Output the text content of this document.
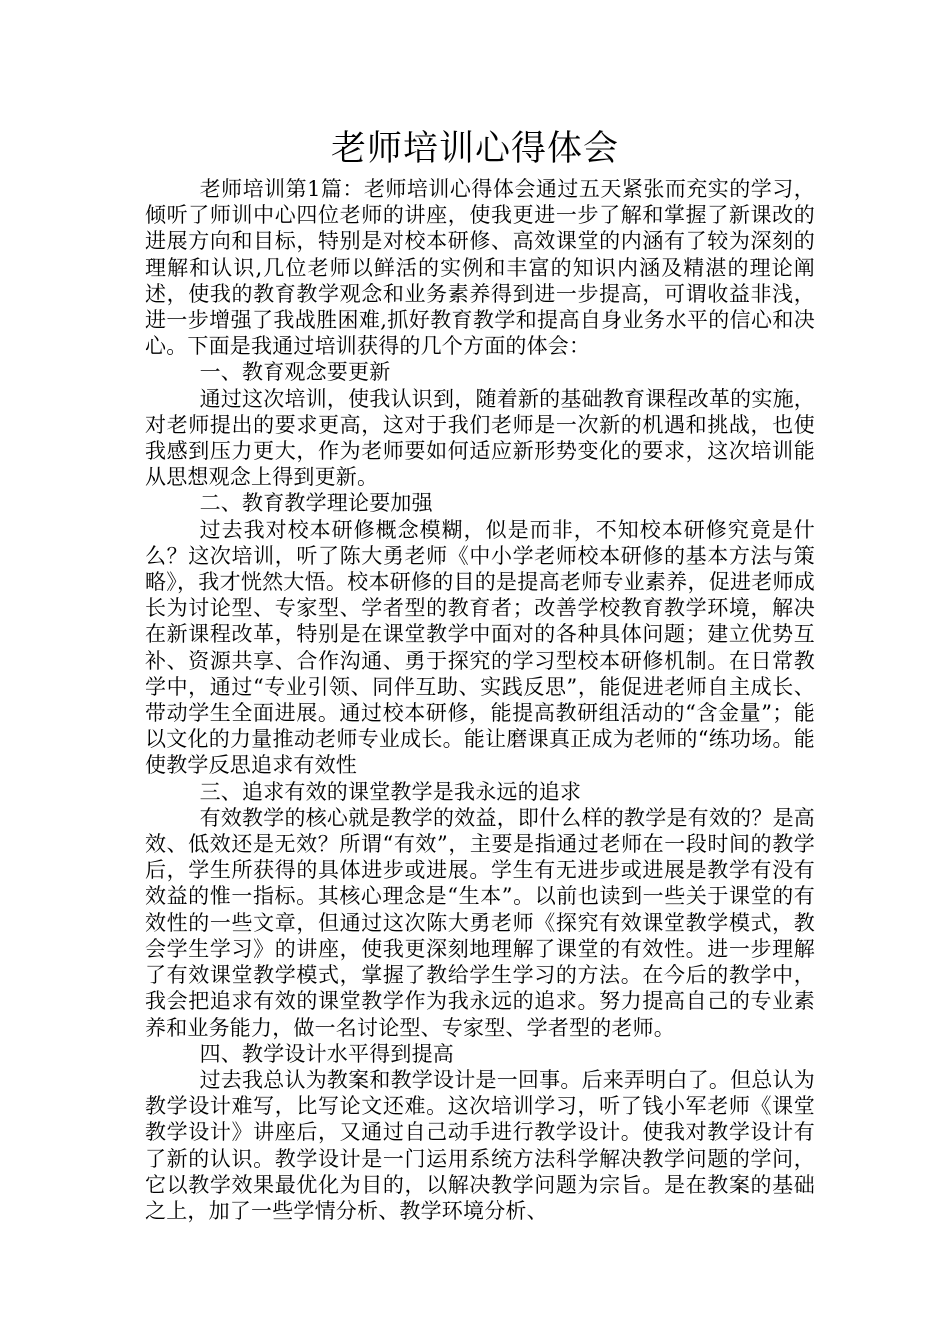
老师培训心得体会

老师培训第1篇：老师培训心得体会通过五天紧张而充实的学习，倾听了师训中心四位老师的讲座，使我更进一步了解和掌握了新课改的进展方向和目标，特别是对校本研修、高效课堂的内涵有了较为深刻的理解和认识,几位老师以鲜活的实例和丰富的知识内涵及精湛的理论阐述，使我的教育教学观念和业务素养得到进一步提高，可谓收益非浅，进一步增强了我战胜困难,抓好教育教学和提高自身业务水平的信心和决心。下面是我通过培训获得的几个方面的体会：

一、教育观念要更新

通过这次培训，使我认识到，随着新的基础教育课程改革的实施，对老师提出的要求更高，这对于我们老师是一次新的机遇和挑战，也使我感到压力更大，作为老师要如何适应新形势变化的要求，这次培训能从思想观念上得到更新。

二、教育教学理论要加强

过去我对校本研修概念模糊，似是而非，不知校本研修究竟是什么？这次培训，听了陈大勇老师《中小学老师校本研修的基本方法与策略》，我才恍然大悟。校本研修的目的是提高老师专业素养，促进老师成长为讨论型、专家型、学者型的教育者；改善学校教育教学环境，解决在新课程改革，特别是在课堂教学中面对的各种具体问题；建立优势互补、资源共享、合作沟通、勇于探究的学习型校本研修机制。在日常教学中，通过“专业引领、同伴互助、实践反思”，能促进老师自主成长、带动学生全面进展。通过校本研修，能提高教研组活动的“含金量”；能以文化的力量推动老师专业成长。能让磨课真正成为老师的“练功场。能使教学反思追求有效性

三、追求有效的课堂教学是我永远的追求

有效教学的核心就是教学的效益，即什么样的教学是有效的？是高效、低效还是无效？所谓“有效”，主要是指通过老师在一段时间的教学后，学生所获得的具体进步或进展。学生有无进步或进展是教学有没有效益的惟一指标。其核心理念是“生本”。以前也读到一些关于课堂的有效性的一些文章，但通过这次陈大勇老师《探究有效课堂教学模式，教会学生学习》的讲座，使我更深刻地理解了课堂的有效性。进一步理解了有效课堂教学模式，掌握了教给学生学习的方法。在今后的教学中，我会把追求有效的课堂教学作为我永远的追求。努力提高自己的专业素养和业务能力，做一名讨论型、专家型、学者型的老师。

四、教学设计水平得到提高

过去我总认为教案和教学设计是一回事。后来弄明白了。但总认为教学设计难写，比写论文还难。这次培训学习，听了钱小军老师《课堂教学设计》讲座后，又通过自己动手进行教学设计。使我对教学设计有了新的认识。教学设计是一门运用系统方法科学解决教学问题的学问，它以教学效果最优化为目的，以解决教学问题为宗旨。是在教案的基础之上，加了一些学情分析、教学环境分析、
